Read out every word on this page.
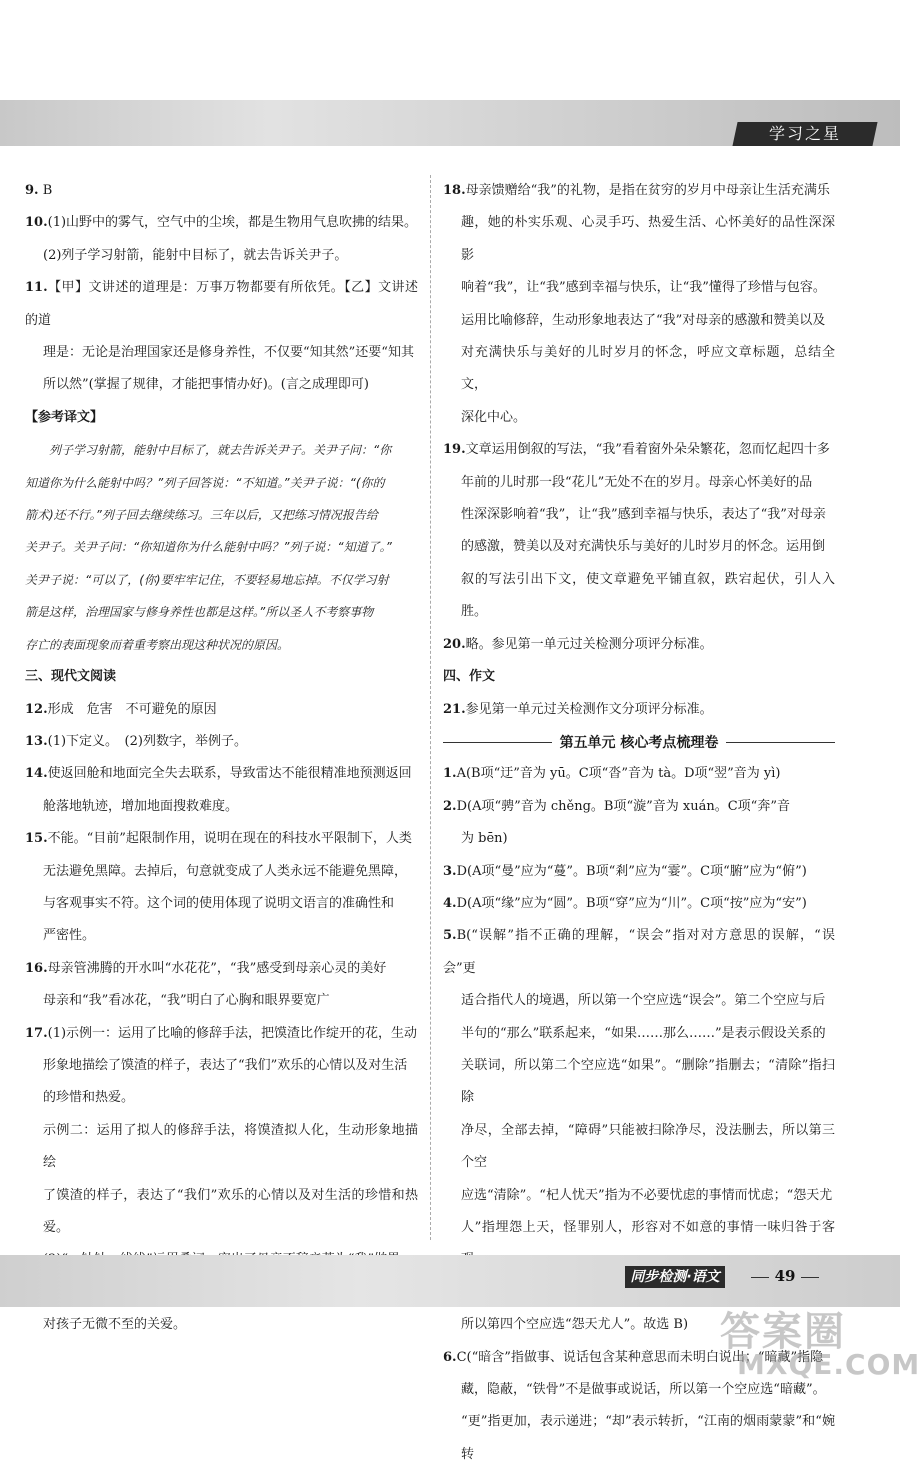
学习之星

9. B

10.(1)山野中的雾气，空气中的尘埃，都是生物用气息吹拂的结果。

(2)列子学习射箭，能射中目标了，就去告诉关尹子。

11.【甲】文讲述的道理是：万事万物都要有所依凭。【乙】文讲述的道

理是：无论是治理国家还是修身养性，不仅要“知其然”还要“知其

所以然”(掌握了规律，才能把事情办好)。(言之成理即可)

【参考译文】

列子学习射箭，能射中目标了，就去告诉关尹子。关尹子问：“你

知道你为什么能射中吗？”列子回答说：“不知道。”关尹子说：“(你的

箭术)还不行。”列子回去继续练习。三年以后，又把练习情况报告给

关尹子。关尹子问：“你知道你为什么能射中吗？”列子说：“知道了。”

关尹子说：“可以了，(你)要牢牢记住，不要轻易地忘掉。不仅学习射

箭是这样，治理国家与修身养性也都是这样。”所以圣人不考察事物

存亡的表面现象而着重考察出现这种状况的原因。

三、现代文阅读

12.形成　危害　不可避免的原因

13.(1)下定义。　(2)列数字，举例子。

14.使返回舱和地面完全失去联系，导致雷达不能很精准地预测返回

舱落地轨迹，增加地面搜救难度。

15.不能。“目前”起限制作用，说明在现在的科技水平限制下，人类

无法避免黑障。去掉后，句意就变成了人类永远不能避免黑障，

与客观事实不符。这个词的使用体现了说明文语言的准确性和

严密性。

16.母亲管沸腾的开水叫“水花花”，“我”感受到母亲心灵的美好

母亲和“我”看冰花，“我”明白了心胸和眼界要宽广

17.(1)示例一：运用了比喻的修辞手法，把馍渣比作绽开的花，生动

形象地描绘了馍渣的样子，表达了“我们”欢乐的心情以及对生活

的珍惜和热爱。

示例二：运用了拟人的修辞手法，将馍渣拟人化，生动形象地描绘

了馍渣的样子，表达了“我们”欢乐的心情以及对生活的珍惜和热爱。

对孩子无微不至的关爱。

18.母亲馈赠给“我”的礼物，是指在贫穷的岁月中母亲让生活充满乐

趣，她的朴实乐观、心灵手巧、热爱生活、心怀美好的品性深深影

响着“我”，让“我”感到幸福与快乐，让“我”懂得了珍惜与包容。

运用比喻修辞，生动形象地表达了“我”对母亲的感激和赞美以及

对充满快乐与美好的儿时岁月的怀念，呼应文章标题，总结全文，

深化中心。

19.文章运用倒叙的写法，“我”看着窗外朵朵繁花，忽而忆起四十多

年前的儿时那一段“花儿”无处不在的岁月。母亲心怀美好的品

性深深影响着“我”，让“我”感到幸福与快乐，表达了“我”对母亲

的感激，赞美以及对充满快乐与美好的儿时岁月的怀念。运用倒

叙的写法引出下文，使文章避免平铺直叙，跌宕起伏，引人入胜。

20.略。参见第一单元过关检测分项评分标准。

四、作文

21.参见第一单元过关检测作文分项评分标准。

第五单元 核心考点梳理卷

1.A(B项“迂”音为 yū。C项“沓”音为 tà。D项“翌”音为 yì)

2.D(A项“骋”音为 chěng。B项“漩”音为 xuán。C项“奔”音

为 bēn)

3.D(A项“曼”应为“蔓”。B项“剎”应为“霎”。C项“腑”应为“俯”)

4.D(A项“缘”应为“圆”。B项“穿”应为“川”。C项“按”应为“安”)

5.B(“误解”指不正确的理解，“误会”指对对方意思的误解，“误会”更

适合指代人的境遇，所以第一个空应选“误会”。第二个空应与后

半句的“那么”联系起来，“如果……那么……”是表示假设关系的

关联词，所以第二个空应选“如果”。“删除”指删去；“清除”指扫除

净尽，全部去掉，“障碍”只能被扫除净尽，没法删去，所以第三个空

应选“清除”。“杞人忧天”指为不必要忧虑的事情而忧虑；“怨天尤

人”指埋怨上天，怪罪别人，形容对不如意的事情一味归咎于客

所以第四个空应选“怨天尤人”。故选 B)

6.C(“暗含”指做事、说话包含某种意思而未明白说出；“暗藏”指隐

藏，隐蔽，“铁骨”不是做事或说话，所以第一个空应选“暗藏”。

“更”指更加，表示递进；“却”表示转折，“江南的烟雨蒙蒙”和“婉转

同步检测·语文	49
答案圈
MXQE.COM
